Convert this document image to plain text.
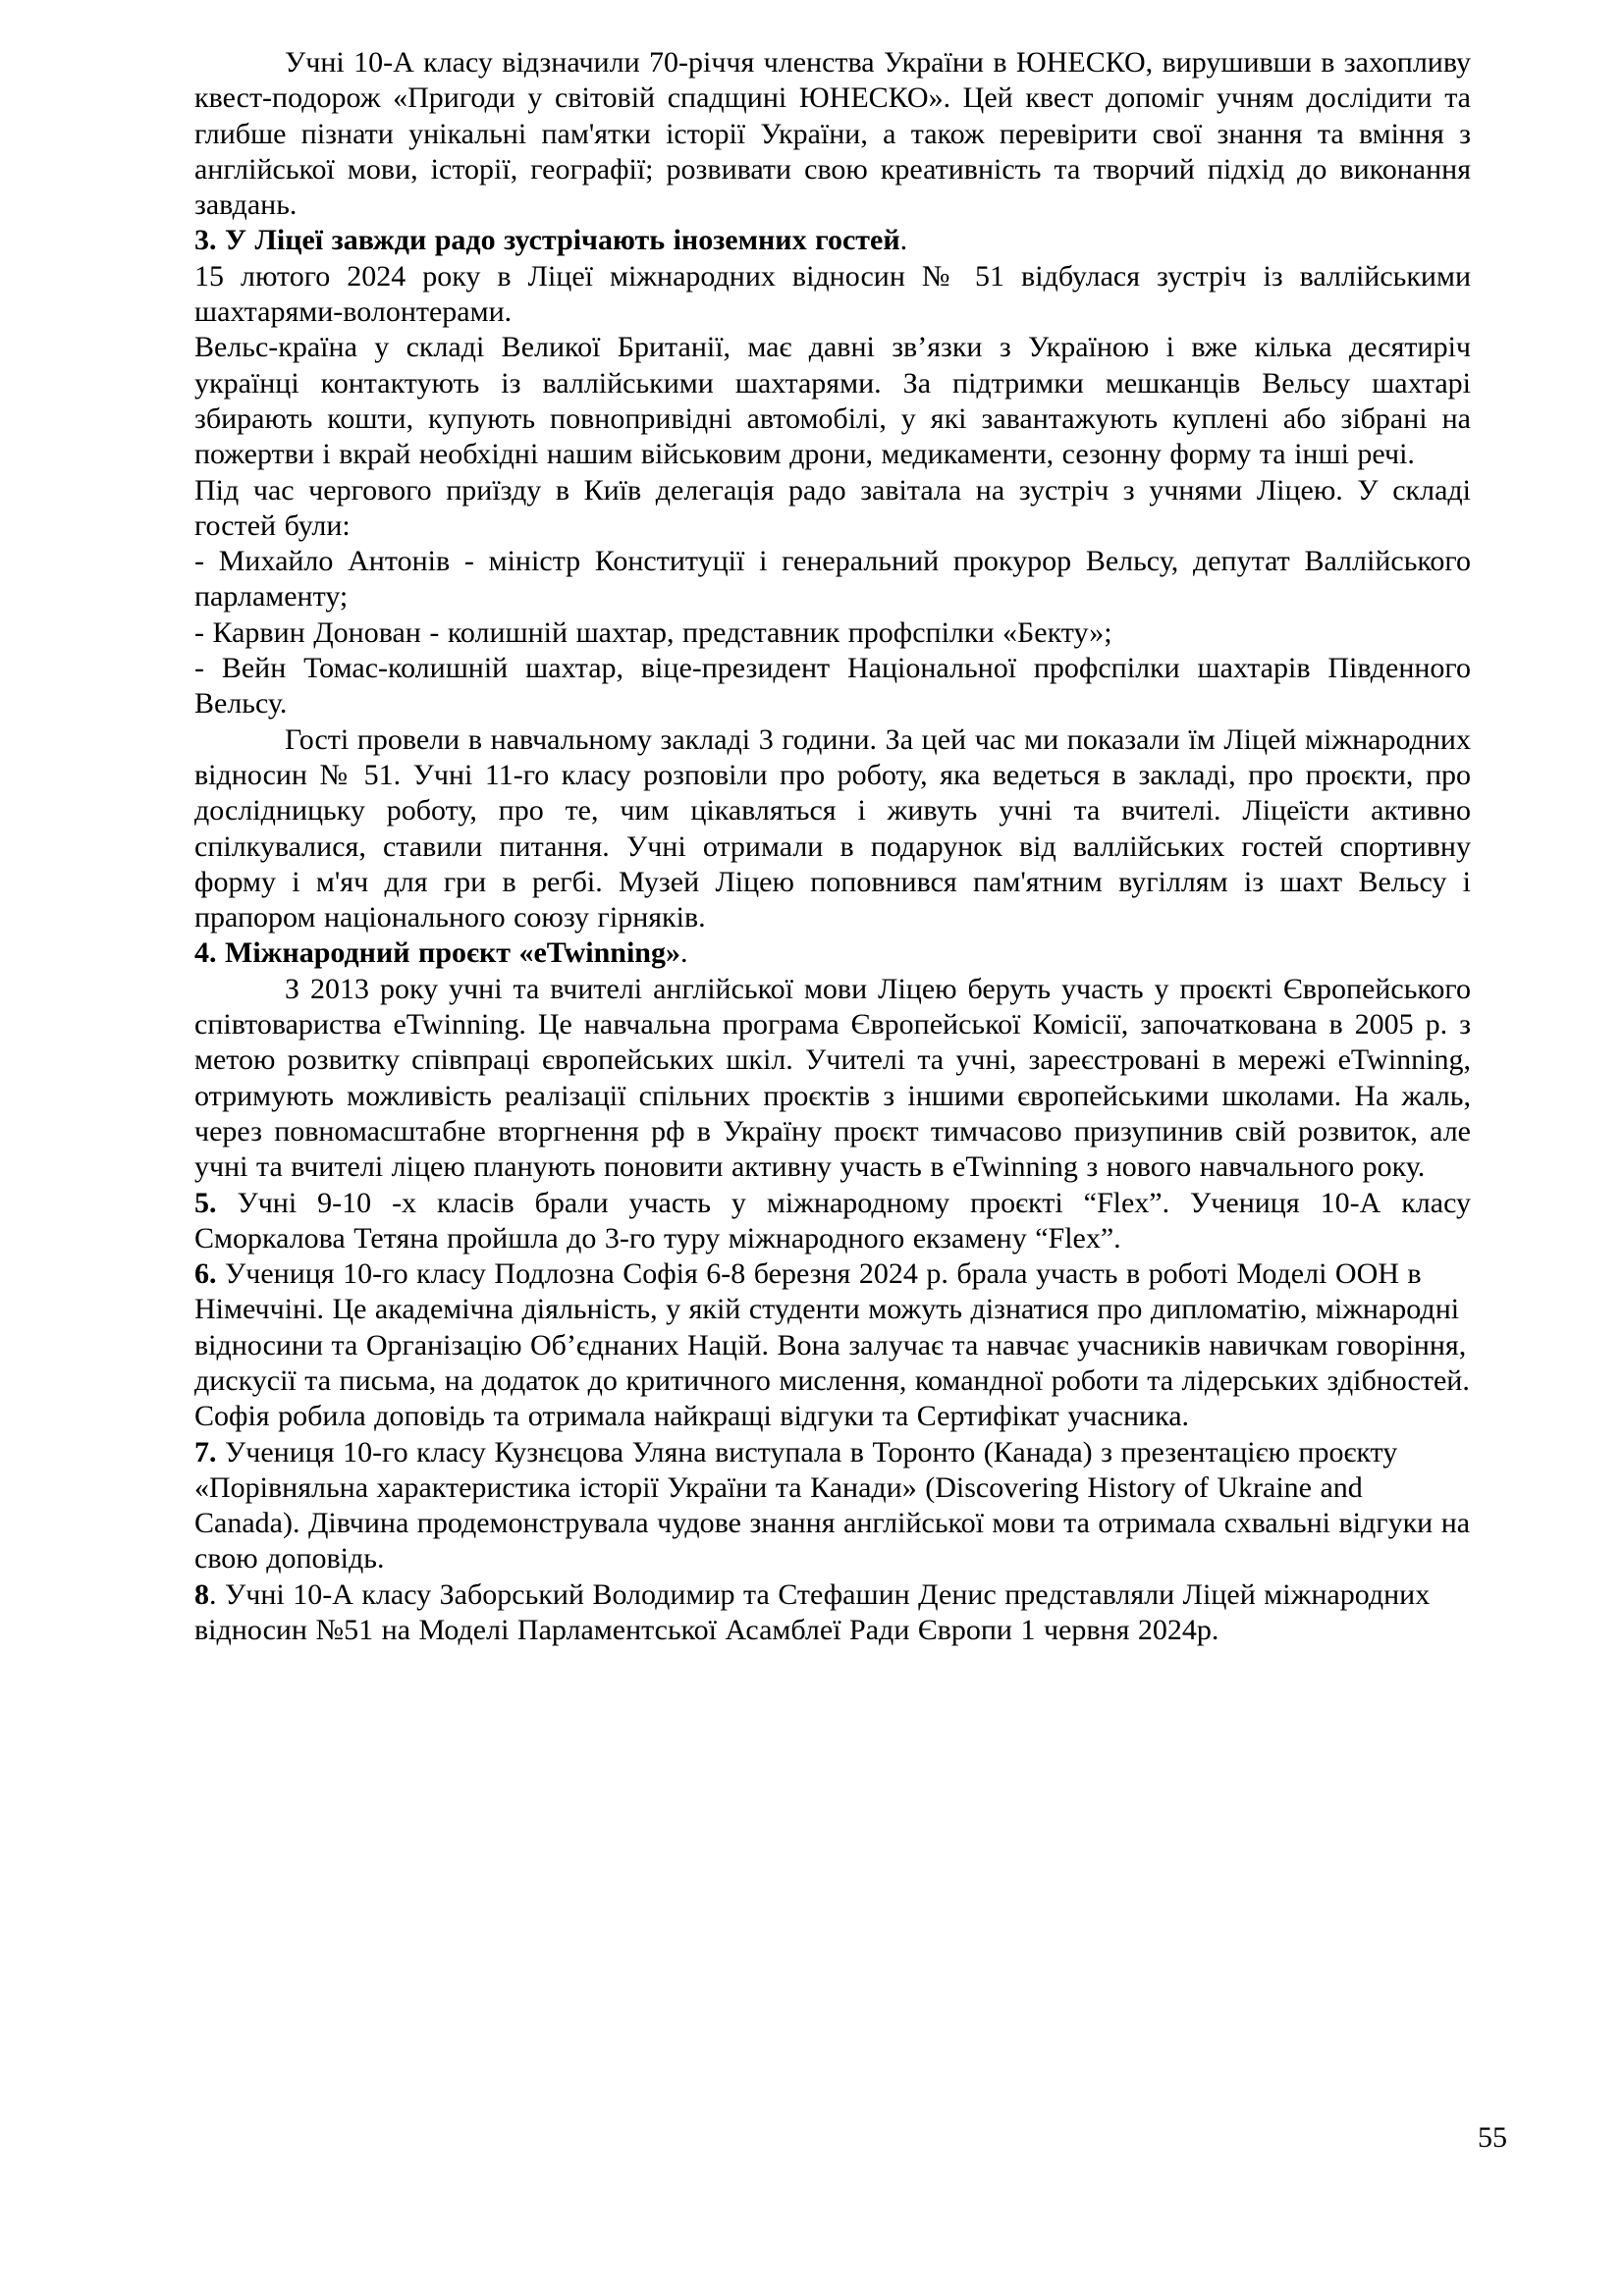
Учні 10-А класу відзначили 70-річчя членства України в ЮНЕСКО, вирушивши в захопливу квест-подорож «Пригоди у світовій спадщині ЮНЕСКО». Цей квест допоміг учням дослідити та глибше пізнати унікальні пам'ятки історії України, а також перевірити свої знання та вміння з англійської мови, історії, географії; розвивати свою креативність та творчий підхід до виконання завдань.

3. У Ліцеї завжди радо зустрічають іноземних гостей.

15 лютого 2024 року в Ліцеї міжнародних відносин № 51 відбулася зустріч із валлійськими шахтарями-волонтерами.

Вельс-країна у складі Великої Британії, має давні зв’язки з Україною і вже кілька десятиріч українці контактують із валлійськими шахтарями. За підтримки мешканців Вельсу шахтарі збирають кошти, купують повнопривідні автомобілі, у які завантажують куплені або зібрані на пожертви і вкрай необхідні нашим військовим дрони, медикаменти, сезонну форму та інші речі.

Під час чергового приїзду в Київ делегація радо завітала на зустріч з учнями Ліцею. У складі гостей були:

- Михайло Антонів - міністр Конституції і генеральний прокурор Вельсу, депутат Валлійського парламенту;

- Карвин Донован - колишній шахтар, представник профспілки «Бекту»;

- Вейн Томас-колишній шахтар, віце-президент Національної профспілки шахтарів Південного Вельсу.

Гості провели в навчальному закладі 3 години. За цей час ми показали їм Ліцей міжнародних відносин № 51. Учні 11-го класу розповіли про роботу, яка ведеться в закладі, про проєкти, про дослідницьку роботу, про те, чим цікавляться і живуть учні та вчителі. Ліцеїсти активно спілкувалися, ставили питання. Учні отримали в подарунок від валлійських гостей спортивну форму і м'яч для гри в регбі. Музей Ліцею поповнився пам'ятним вугіллям із шахт Вельсу і прапором національного союзу гірняків.

4. Міжнародний проєкт «eTwinning».

З 2013 року учні та вчителі англійської мови Ліцею беруть участь у проєкті Європейського співтовариства eTwinning. Це навчальна програма Європейської Комісії, започаткована в 2005 р. з метою розвитку співпраці європейських шкіл. Учителі та учні, зареєстровані в мережі eTwinning, отримують можливість реалізації спільних проєктів з іншими європейськими школами. На жаль, через повномасштабне вторгнення рф в Україну проєкт тимчасово призупинив свій розвиток, але учні та вчителі ліцею планують поновити активну участь в eTwinning з нового навчального року.

5. Учні 9-10 -х класів брали участь у міжнародному проєкті “Flex”. Учениця 10-А класу Сморкалова Тетяна пройшла до 3-го туру міжнародного екзамену “Flex”.

6. Учениця 10-го класу Подлозна Софія 6-8 березня 2024 р. брала участь в роботі Моделі ООН в Німеччіні. Це академічна діяльність, у якій студенти можуть дізнатися про дипломатію, міжнародні відносини та Організацію Об’єднаних Націй. Вона залучає та навчає учасників навичкам говоріння, дискусії та письма, на додаток до критичного мислення, командної роботи та лідерських здібностей. Софія робила доповідь та отримала найкращі відгуки та Сертифікат учасника.

7. Учениця 10-го класу Кузнєцова Уляна виступала в Торонто (Канада) з презентацією проєкту «Порівняльна характеристика історії України та Канади» (Discovering History of Ukraine and Canada). Дівчина продемонструвала чудове знання англійської мови та отримала схвальні відгуки на свою доповідь.

8. Учні 10-А класу Заборський Володимир та Стефашин Денис представляли Ліцей міжнародних відносин №51 на Моделі Парламентської Асамблеї Ради Європи 1 червня 2024р.

55
